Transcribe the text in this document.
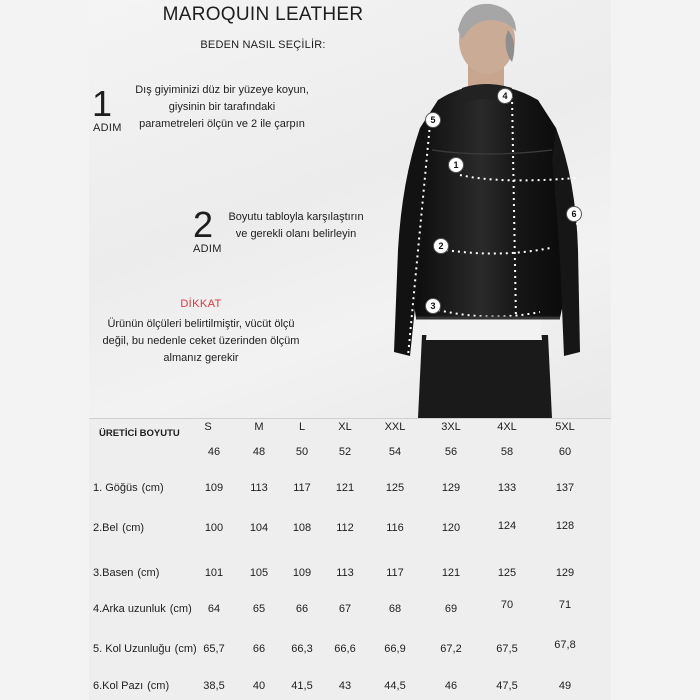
MAROQUIN LEATHER
BEDEN NASIL SEÇİLİR:
1
ADIM
Dış giyiminizi düz bir yüzeye koyun,
giysinin bir tarafındaki
parametreleri ölçün ve 2 ile çarpın
2
ADIM
Boyutu tabloyla karşılaştırın
ve gerekli olanı belirleyin
DİKKAT
Ürünün ölçüleri belirtilmiştir, vücüt ölçü
değil, bu nedenle ceket üzerinden ölçüm
almanız gerekir
1
2
3
4
5
6
ÜRETİCİ BOYUTU
S	M	L	XL	XXL	3XL	4XL	5XL
46	48	50	52	54	56	58	60
1. Göğüs (cm)	109	113	117	121	125	129	133	137
2.Bel (cm)	100	104	108	112	116	120	124	128
3.Basen (cm)	101	105	109	113	117	121	125	129
4.Arka uzunluk (cm)	64	65	66	67	68	69	70	71
5. Kol Uzunluğu (cm) 65,7	66	66,3	66,6	66,9	67,2	67,5	67,8
6.Kol Pazı (cm)	38,5	40	41,5	43	44,5	46	47,5	49
